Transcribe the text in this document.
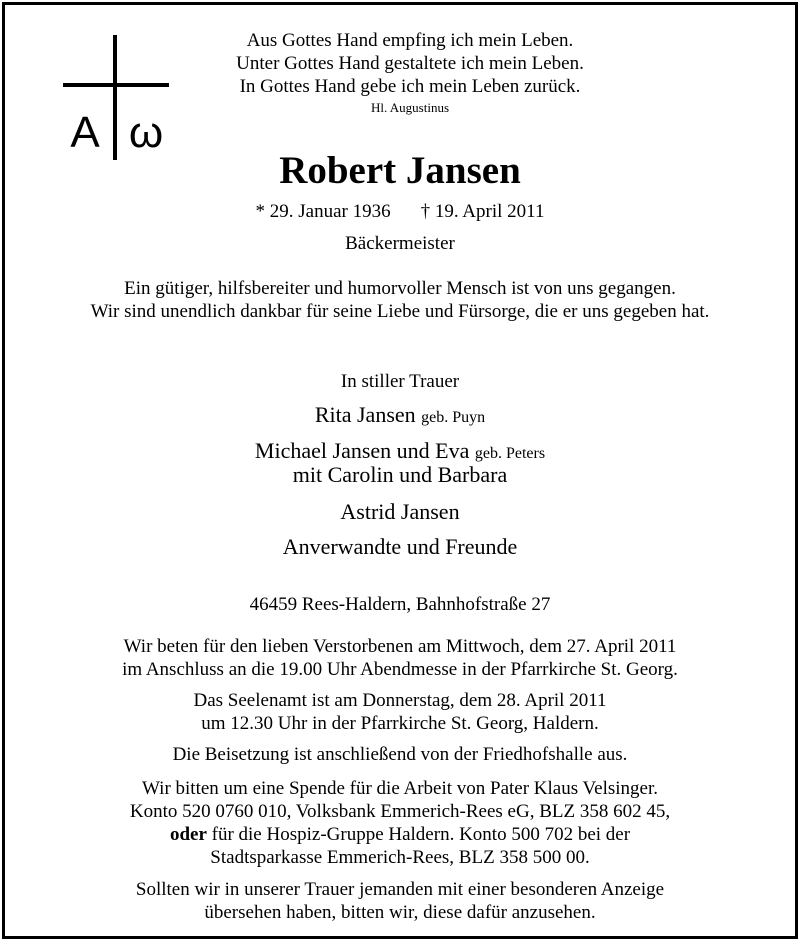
A ω
Aus Gottes Hand empfing ich mein Leben.
Unter Gottes Hand gestaltete ich mein Leben.
In Gottes Hand gebe ich mein Leben zurück.
Hl. Augustinus
Robert Jansen
* 29. Januar 1936 † 19. April 2011
Bäckermeister
Ein gütiger, hilfsbereiter und humorvoller Mensch ist von uns gegangen.
Wir sind unendlich dankbar für seine Liebe und Fürsorge, die er uns gegeben hat.
In stiller Trauer
Rita Jansen geb. Puyn
Michael Jansen und Eva geb. Peters
mit Carolin und Barbara
Astrid Jansen
Anverwandte und Freunde
46459 Rees-Haldern, Bahnhofstraße 27
Wir beten für den lieben Verstorbenen am Mittwoch, dem 27. April 2011
im Anschluss an die 19.00 Uhr Abendmesse in der Pfarrkirche St. Georg.
Das Seelenamt ist am Donnerstag, dem 28. April 2011
um 12.30 Uhr in der Pfarrkirche St. Georg, Haldern.
Die Beisetzung ist anschließend von der Friedhofshalle aus.
Wir bitten um eine Spende für die Arbeit von Pater Klaus Velsinger.
Konto 520 0760 010, Volksbank Emmerich-Rees eG, BLZ 358 602 45,
oder für die Hospiz-Gruppe Haldern. Konto 500 702 bei der
Stadtsparkasse Emmerich-Rees, BLZ 358 500 00.
Sollten wir in unserer Trauer jemanden mit einer besonderen Anzeige
übersehen haben, bitten wir, diese dafür anzusehen.
